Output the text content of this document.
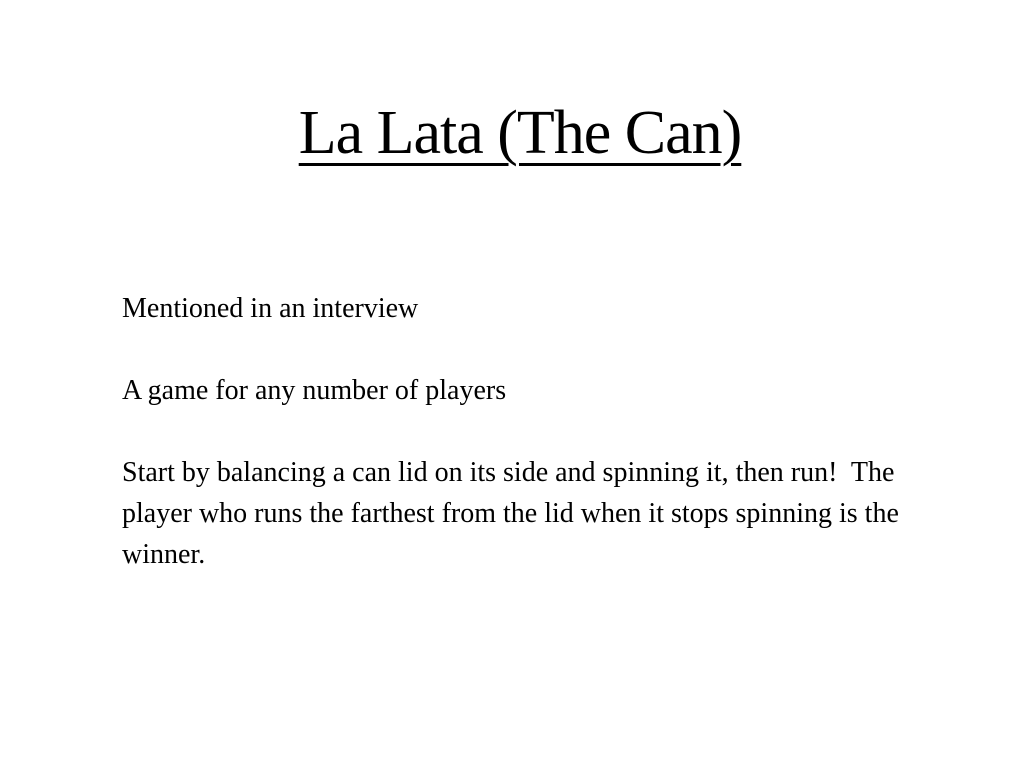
La Lata (The Can)

Mentioned in an interview

A game for any number of players

Start by balancing a can lid on its side and spinning it, then run!  The player who runs the farthest from the lid when it stops spinning is the winner.
